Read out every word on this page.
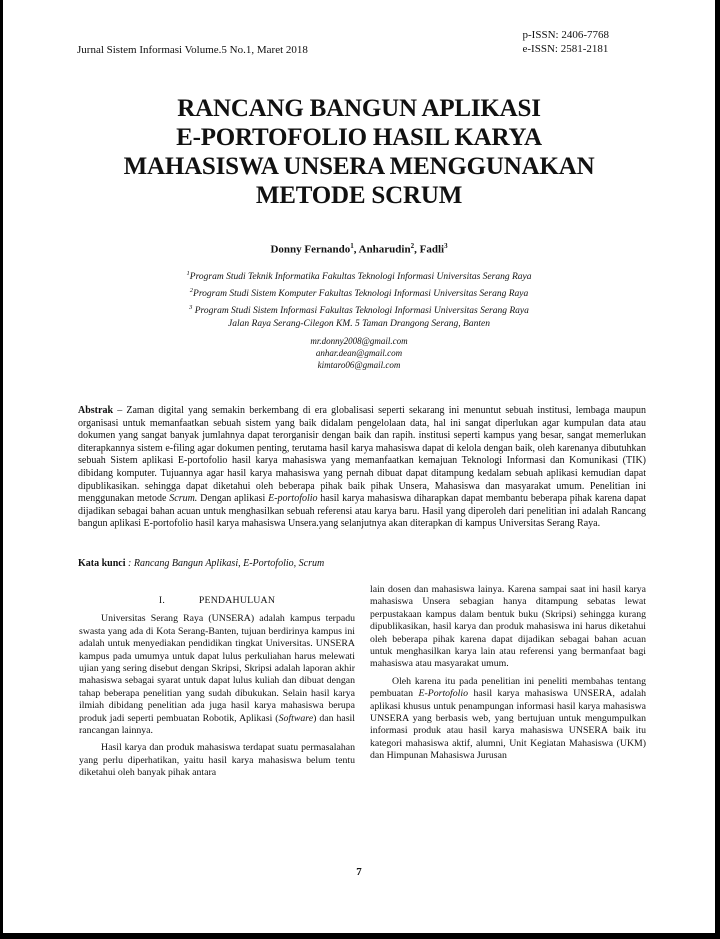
Jurnal Sistem Informasi Volume.5 No.1, Maret 2018
p-ISSN: 2406-7768
e-ISSN: 2581-2181
RANCANG BANGUN APLIKASI
E-PORTOFOLIO HASIL KARYA
MAHASISWA UNSERA MENGGUNAKAN
METODE SCRUM
Donny Fernando$^1$, Anharudin$^2$, Fadli$^3$
$^1$Program Studi Teknik Informatika Fakultas Teknologi Informasi Universitas Serang Raya
$^2$Program Studi Sistem Komputer Fakultas Teknologi Informasi Universitas Serang Raya
$^3$ Program Studi Sistem Informasi Fakultas Teknologi Informasi Universitas Serang Raya
Jalan Raya Serang-Cilegon KM. 5 Taman Drangong Serang, Banten
mr.donny2008@gmail.com
anhar.dean@gmail.com
kimtaro06@gmail.com
Abstrak – Zaman digital yang semakin berkembang di era globalisasi seperti sekarang ini menuntut sebuah institusi, lembaga maupun organisasi untuk memanfaatkan sebuah sistem yang baik didalam pengelolaan data, hal ini sangat diperlukan agar kumpulan data atau dokumen yang sangat banyak jumlahnya dapat terorganisir dengan baik dan rapih. institusi seperti kampus yang besar, sangat memerlukan diterapkannya sistem e-filing agar dokumen penting, terutama hasil karya mahasiswa dapat di kelola dengan baik, oleh karenanya dibutuhkan sebuah Sistem aplikasi E-portofolio hasil karya mahasiswa yang memanfaatkan kemajuan Teknologi Informasi dan Komunikasi (TIK) dibidang komputer. Tujuannya agar hasil karya mahasiswa yang pernah dibuat dapat ditampung kedalam sebuah aplikasi kemudian dapat dipublikasikan. sehingga dapat diketahui oleh beberapa pihak baik pihak Unsera, Mahasiswa dan masyarakat umum. Penelitian ini menggunakan metode Scrum. Dengan aplikasi E-portofolio hasil karya mahasiswa diharapkan dapat membantu beberapa pihak karena dapat dijadikan sebagai bahan acuan untuk menghasilkan sebuah referensi atau karya baru. Hasil yang diperoleh dari penelitian ini adalah Rancang bangun aplikasi E-portofolio hasil karya mahasiswa Unsera.yang selanjutnya akan diterapkan di kampus Universitas Serang Raya.
Kata kunci : Rancang Bangun Aplikasi, E-Portofolio, Scrum
I.	PENDAHULUAN

Universitas Serang Raya (UNSERA) adalah kampus terpadu swasta yang ada di Kota Serang-Banten, tujuan berdirinya kampus ini adalah untuk menyediakan pendidikan tingkat Universitas. UNSERA kampus pada umumya untuk dapat lulus perkuliahan harus melewati ujian yang sering disebut dengan Skripsi, Skripsi adalah laporan akhir mahasiswa sebagai syarat untuk dapat lulus kuliah dan dibuat dengan tahap beberapa penelitian yang sudah dibukukan. Selain hasil karya ilmiah dibidang penelitian ada juga hasil karya mahasiswa berupa produk jadi seperti pembuatan Robotik, Aplikasi (Software) dan hasil rancangan lainnya.

Hasil karya dan produk mahasiswa terdapat suatu permasalahan yang perlu diperhatikan, yaitu hasil karya mahasiswa belum tentu diketahui oleh banyak pihak antara

lain dosen dan mahasiswa lainya. Karena sampai saat ini hasil karya mahasiswa Unsera sebagian hanya ditampung sebatas lewat perpustakaan kampus dalam bentuk buku (Skripsi) sehingga kurang dipublikasikan, hasil karya dan produk mahasiswa ini harus diketahui oleh beberapa pihak karena dapat dijadikan sebagai bahan acuan untuk menghasilkan karya lain atau referensi yang bermanfaat bagi mahasiswa atau masyarakat umum.

Oleh karena itu pada penelitian ini peneliti membahas tentang pembuatan E-Portofolio hasil karya mahasiswa UNSERA, adalah aplikasi khusus untuk penampungan informasi hasil karya mahasiswa UNSERA yang berbasis web, yang bertujuan untuk mengumpulkan informasi produk atau hasil karya mahasiswa UNSERA baik itu kategori mahasiswa aktif, alumni, Unit Kegiatan Mahasiswa (UKM) dan Himpunan Mahasiswa Jurusan

7
